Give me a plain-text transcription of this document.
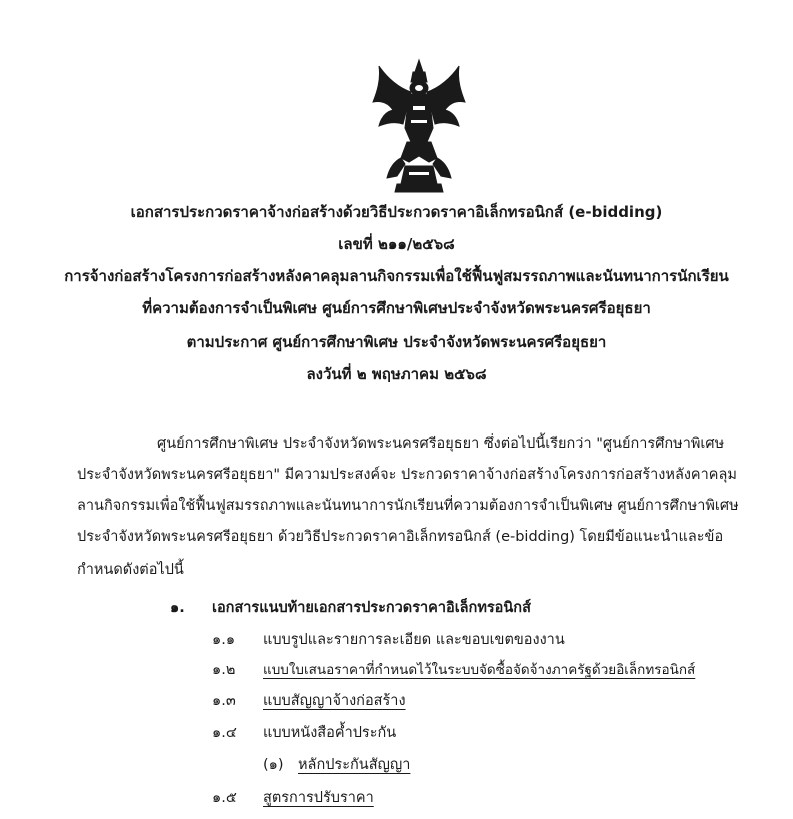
เอกสารประกวดราคาจ้างก่อสร้างด้วยวิธีประกวดราคาอิเล็กทรอนิกส์ (e-bidding)
เลขที่ ๒๑๑/๒๕๖๘
การจ้างก่อสร้างโครงการก่อสร้างหลังคาคลุมลานกิจกรรมเพื่อใช้ฟื้นฟูสมรรถภาพและนันทนาการนักเรียน
ที่ความต้องการจำเป็นพิเศษ ศูนย์การศึกษาพิเศษประจำจังหวัดพระนครศรีอยุธยา
ตามประกาศ ศูนย์การศึกษาพิเศษ ประจำจังหวัดพระนครศรีอยุธยา
ลงวันที่ ๒ พฤษภาคม ๒๕๖๘
ศูนย์การศึกษาพิเศษ ประจำจังหวัดพระนครศรีอยุธยา ซึ่งต่อไปนี้เรียกว่า "ศูนย์การศึกษาพิเศษ
ประจำจังหวัดพระนครศรีอยุธยา" มีความประสงค์จะ ประกวดราคาจ้างก่อสร้างโครงการก่อสร้างหลังคาคลุม
ลานกิจกรรมเพื่อใช้ฟื้นฟูสมรรถภาพและนันทนาการนักเรียนที่ความต้องการจำเป็นพิเศษ ศูนย์การศึกษาพิเศษ
ประจำจังหวัดพระนครศรีอยุธยา ด้วยวิธีประกวดราคาอิเล็กทรอนิกส์ (e-bidding) โดยมีข้อแนะนำและข้อ
กำหนดดังต่อไปนี้
๑. เอกสารแนบท้ายเอกสารประกวดราคาอิเล็กทรอนิกส์
๑.๑ แบบรูปและรายการละเอียด และขอบเขตของงาน
๑.๒ แบบใบเสนอราคาที่กำหนดไว้ในระบบจัดซื้อจัดจ้างภาครัฐด้วยอิเล็กทรอนิกส์
๑.๓ แบบสัญญาจ้างก่อสร้าง
๑.๔ แบบหนังสือค้ำประกัน
(๑) หลักประกันสัญญา
๑.๕ สูตรการปรับราคา
